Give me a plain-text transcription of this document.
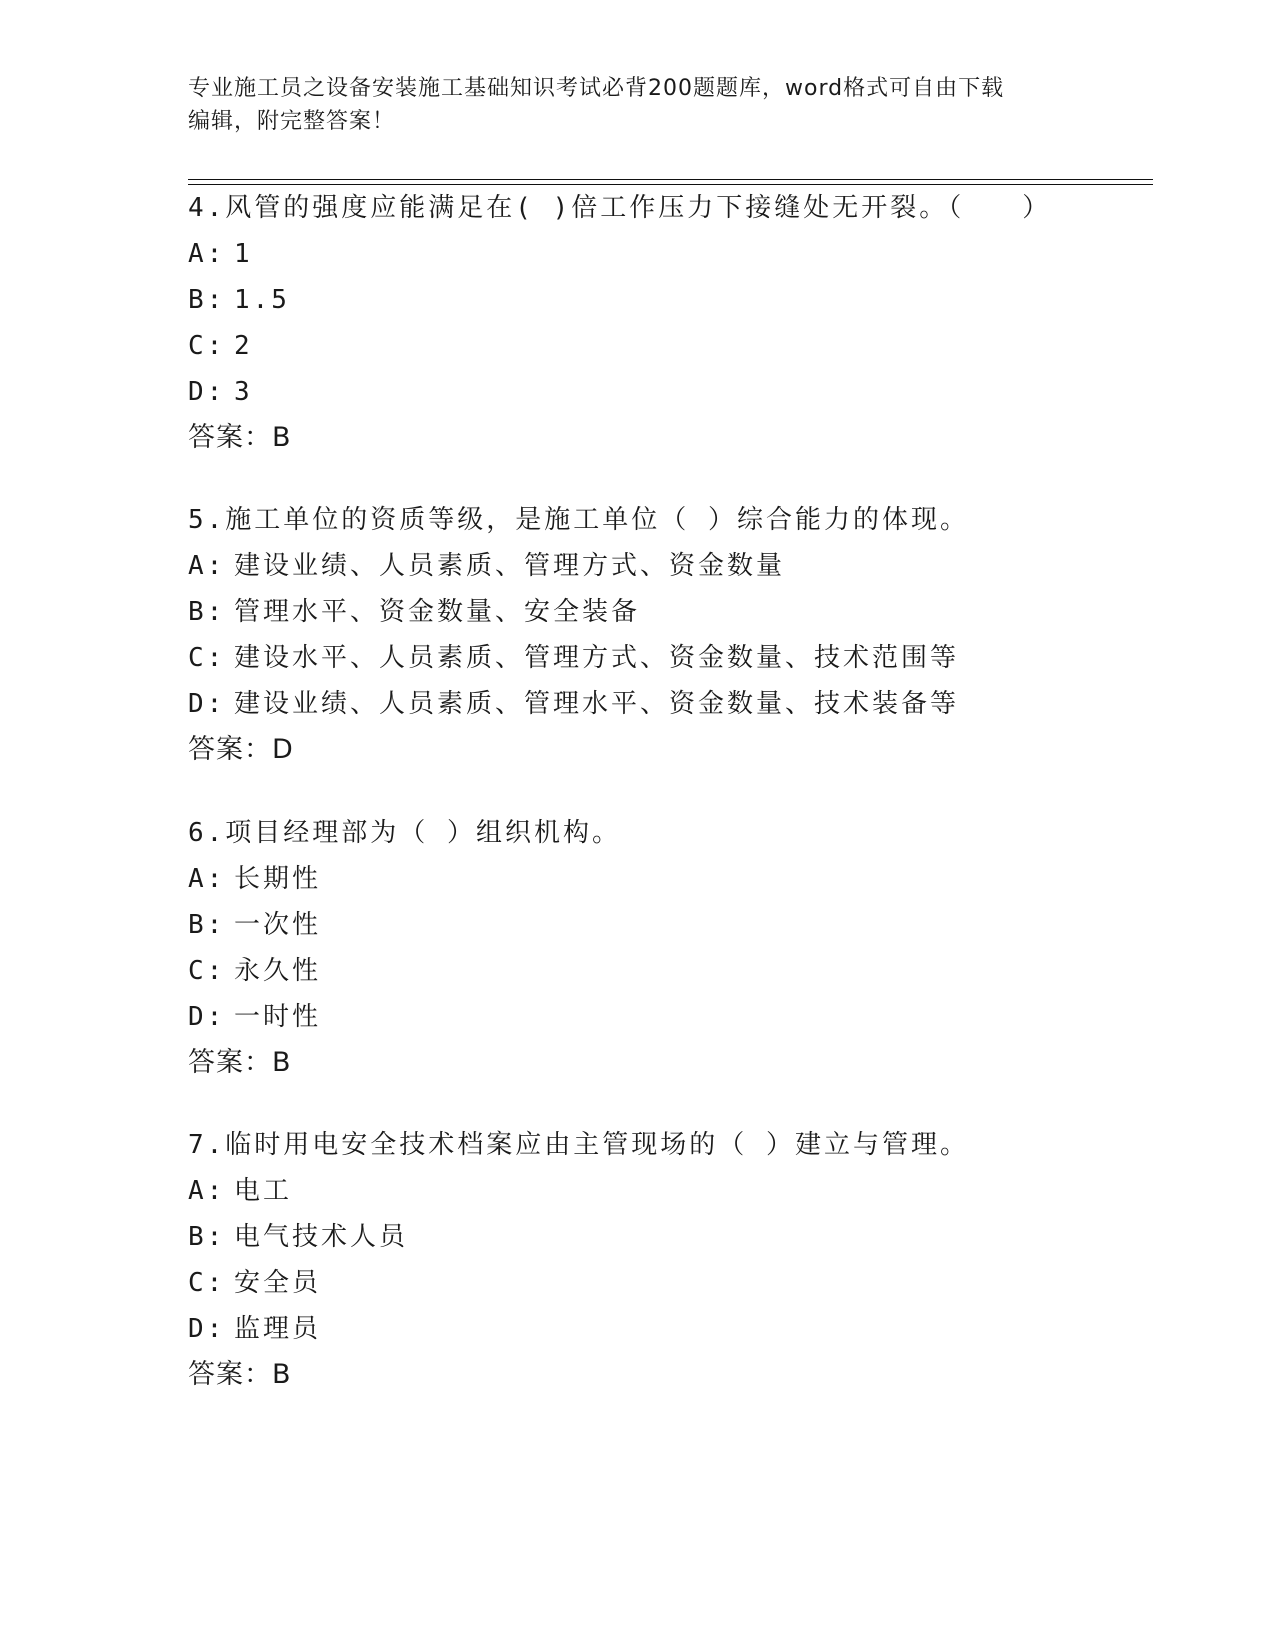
专业施工员之设备安装施工基础知识考试必背200题题库，word格式可自由下载
编辑，附完整答案！
4.风管的强度应能满足在( )倍工作压力下接缝处无开裂。（　　）
A: 1
B: 1.5
C: 2
D: 3
答案：B
5.施工单位的资质等级，是施工单位（ ）综合能力的体现。
A: 建设业绩、人员素质、管理方式、资金数量
B: 管理水平、资金数量、安全装备
C: 建设水平、人员素质、管理方式、资金数量、技术范围等
D: 建设业绩、人员素质、管理水平、资金数量、技术装备等
答案：D
6.项目经理部为（ ）组织机构。
A: 长期性
B: 一次性
C: 永久性
D: 一时性
答案：B
7.临时用电安全技术档案应由主管现场的（ ）建立与管理。
A: 电工
B: 电气技术人员
C: 安全员
D: 监理员
答案：B
